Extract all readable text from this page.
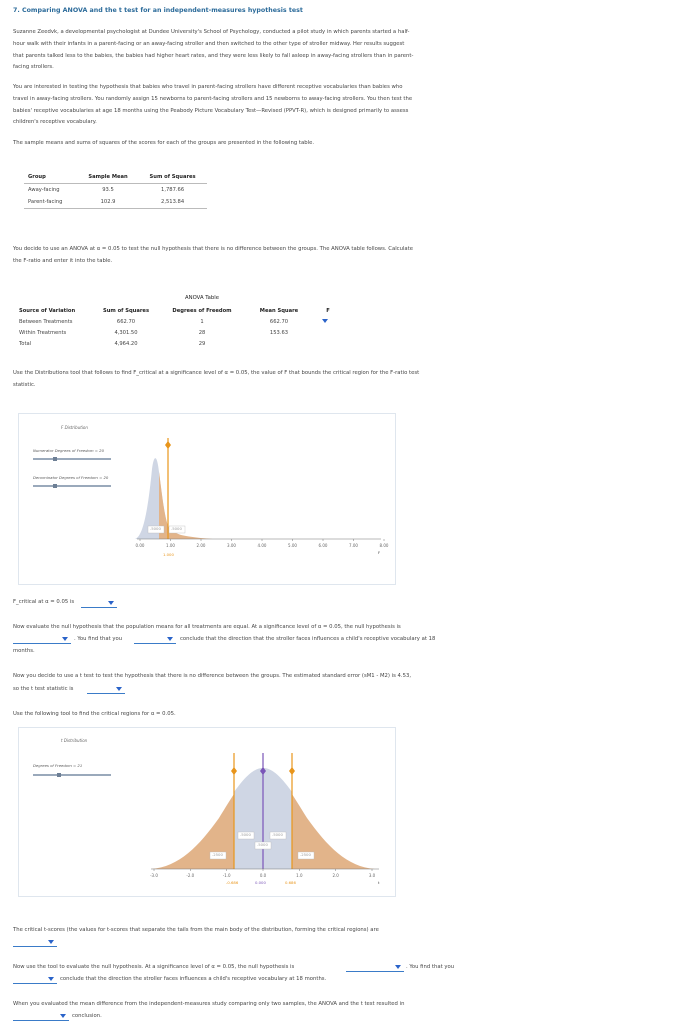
7. Comparing ANOVA and the t test for an independent-measures hypothesis test
Suzanne Zeedvk, a developmental psychologist at Dundee University's School of Psychology, conducted a pilot study in which parents started a half-
hour walk with their infants in a parent-facing or an away-facing stroller and then switched to the other type of stroller midway. Her results suggest
that parents talked less to the babies, the babies had higher heart rates, and they were less likely to fall asleep in away-facing strollers than in parent-
facing strollers.
You are interested in testing the hypothesis that babies who travel in parent-facing strollers have different receptive vocabularies than babies who
travel in away-facing strollers. You randomly assign 15 newborns to parent-facing strollers and 15 newborns to away-facing strollers. You then test the
babies' receptive vocabularies at age 18 months using the Peabody Picture Vocabulary Test—Revised (PPVT-R), which is designed primarily to assess
children's receptive vocabulary.
The sample means and sums of squares of the scores for each of the groups are presented in the following table.
Group	Sample Mean	Sum of Squares
Away-facing	93.5	1,787.66
Parent-facing	102.9	2,513.84
You decide to use an ANOVA at α = 0.05 to test the null hypothesis that there is no difference between the groups. The ANOVA table follows. Calculate
the F-ratio and enter it into the table.
ANOVA Table
Source of Variation	Sum of Squares	Degrees of Freedom	Mean Square	F
Between Treatments	662.70	1	662.70	

Within Treatments	4,301.50	28	153.63	
Total	4,964.20	29		
Use the Distributions tool that follows to find F_critical at a significance level of α = 0.05, the value of F that bounds the critical region for the F-ratio test
statistic.
F Distribution
Numerator Degrees of Freedom = 20
Denominator Degrees of Freedom = 20
0.00	1.00	2.00	3.00	4.00	5.00	6.00	7.00	8.00
.5000	.5000
1.000	F
F_critical at α = 0.05 is
Now evaluate the null hypothesis that the population means for all treatments are equal. At a significance level of α = 0.05, the null hypothesis is
. You find that you	conclude that the direction that the stroller faces influences a child's receptive vocabulary at 18
months.
Now you decide to use a t test to test the hypothesis that there is no difference between the groups. The estimated standard error (sM1 - M2) is 4.53,
so the t test statistic is
Use the following tool to find the critical regions for α = 0.05.
t Distribution
Degrees of Freedom = 21
-3.0	-2.0	-1.0	0.0	1.0	2.0	3.0
.5000	.5000
.5000
.2500	.2500
-0.686	0.000	0.686	t
The critical t-scores (the values for t-scores that separate the tails from the main body of the distribution, forming the critical regions) are
Now use the tool to evaluate the null hypothesis. At a significance level of α = 0.05, the null hypothesis is	. You find that you
conclude that the direction the stroller faces influences a child's receptive vocabulary at 18 months.
When you evaluated the mean difference from the independent-measures study comparing only two samples, the ANOVA and the t test resulted in
conclusion.
